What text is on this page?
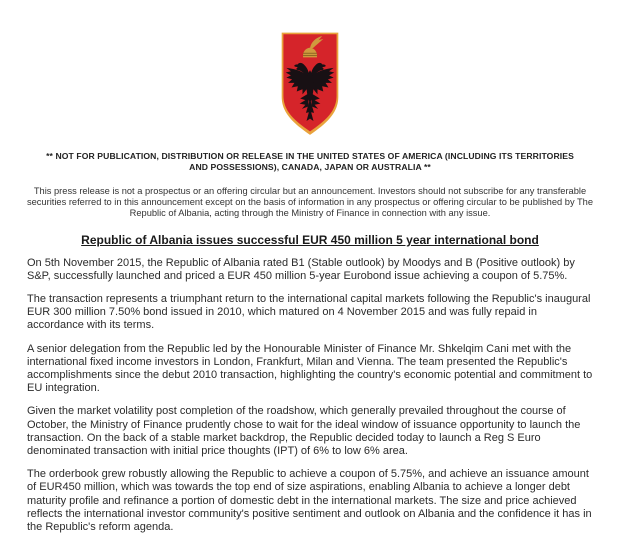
** NOT FOR PUBLICATION, DISTRIBUTION OR RELEASE IN THE UNITED STATES OF AMERICA (INCLUDING ITS TERRITORIES AND POSSESSIONS), CANADA, JAPAN OR AUSTRALIA **
This press release is not a prospectus or an offering circular but an announcement. Investors should not subscribe for any transferable securities referred to in this announcement except on the basis of information in any prospectus or offering circular to be published by The Republic of Albania, acting through the Ministry of Finance in connection with any issue.
Republic of Albania issues successful EUR 450 million 5 year international bond

On 5th November 2015, the Republic of Albania rated B1 (Stable outlook) by Moodys and B (Positive outlook) by S&P, successfully launched and priced a EUR 450 million 5-year Eurobond issue achieving a coupon of 5.75%.

The transaction represents a triumphant return to the international capital markets following the Republic's inaugural EUR 300 million 7.50% bond issued in 2010, which matured on 4 November 2015 and was fully repaid in accordance with its terms.

A senior delegation from the Republic led by the Honourable Minister of Finance Mr. Shkelqim Cani met with the international fixed income investors in London, Frankfurt, Milan and Vienna. The team presented the Republic's accomplishments since the debut 2010 transaction, highlighting the country's economic potential and commitment to EU integration.

Given the market volatility post completion of the roadshow, which generally prevailed throughout the course of October, the Ministry of Finance prudently chose to wait for the ideal window of issuance opportunity to launch the transaction. On the back of a stable market backdrop, the Republic decided today to launch a Reg S Euro denominated transaction with initial price thoughts (IPT) of 6% to low 6% area.

The orderbook grew robustly allowing the Republic to achieve a coupon of 5.75%, and achieve an issuance amount of EUR450 million, which was towards the top end of size aspirations, enabling Albania to achieve a longer debt maturity profile and refinance a portion of domestic debt in the international markets. The size and price achieved reflects the international investor community's positive sentiment and outlook on Albania and the confidence it has in the Republic's reform agenda.
